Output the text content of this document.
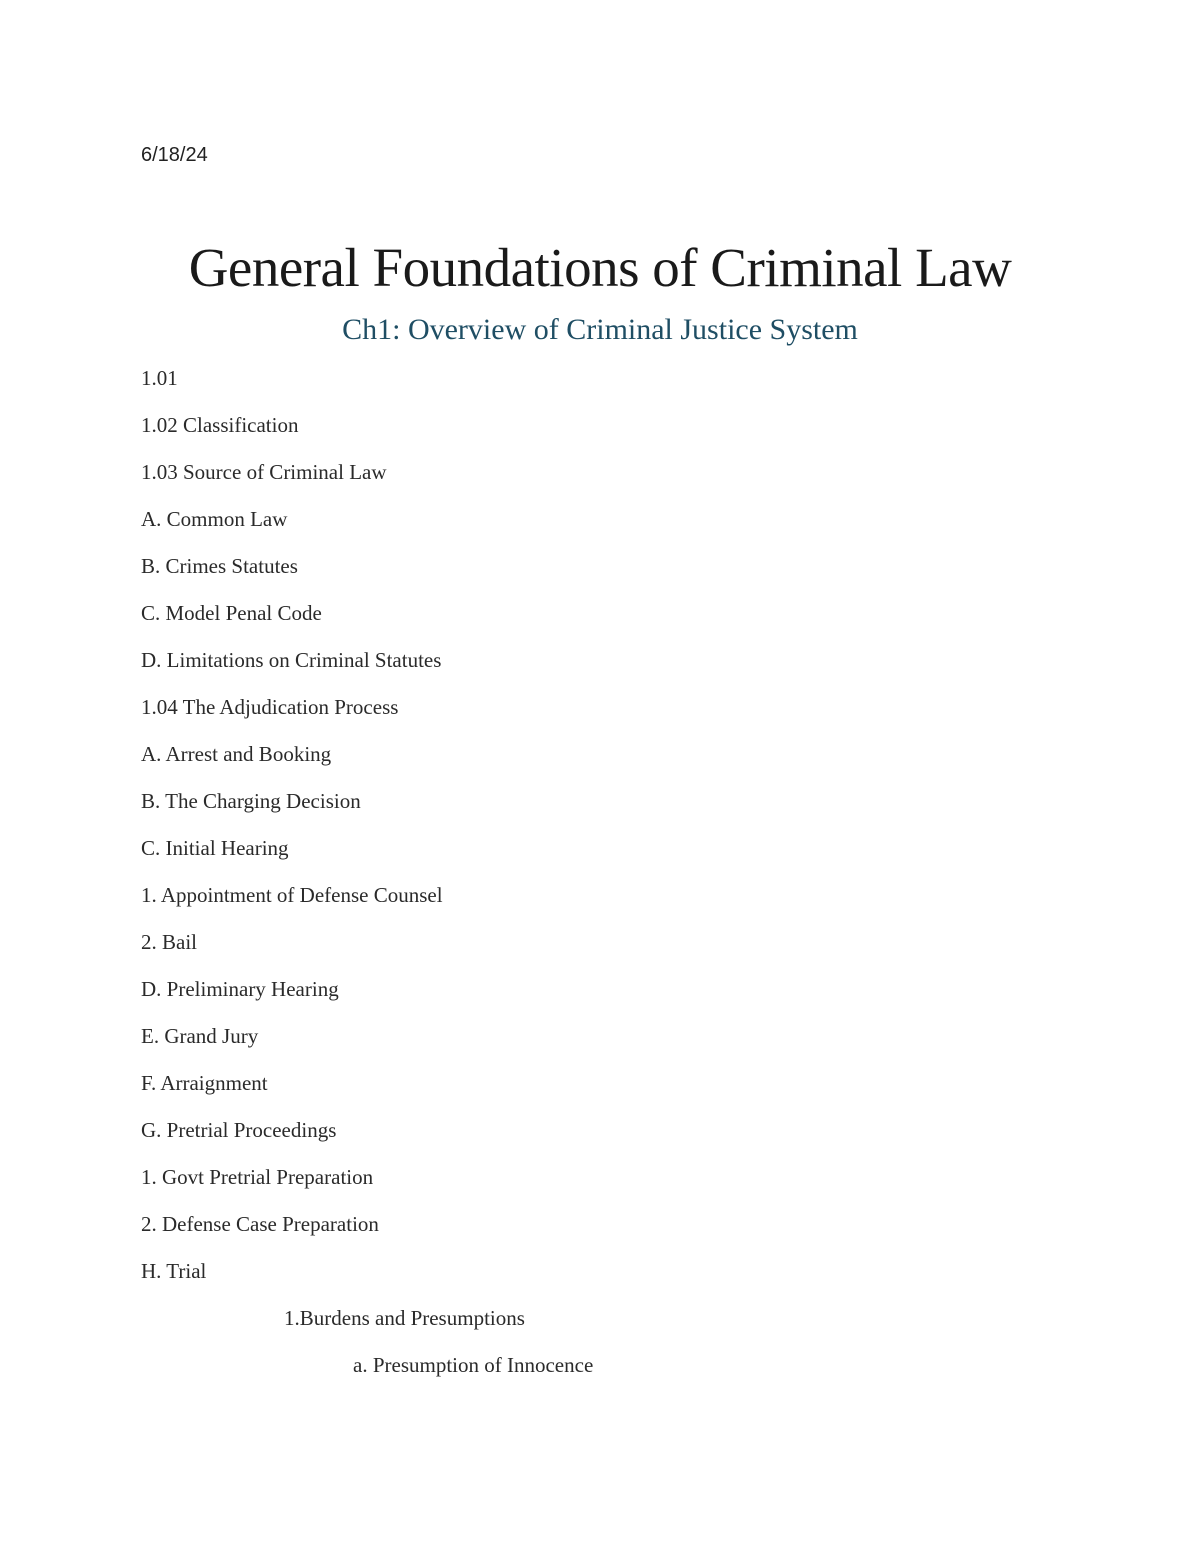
6/18/24
General Foundations of Criminal Law
Ch1: Overview of Criminal Justice System
1.01
1.02 Classification
1.03 Source of Criminal Law
A. Common Law
B. Crimes Statutes
C. Model Penal Code
D. Limitations on Criminal Statutes
1.04 The Adjudication Process
A. Arrest and Booking
B. The Charging Decision
C. Initial Hearing
1. Appointment of Defense Counsel
2. Bail
D. Preliminary Hearing
E. Grand Jury
F. Arraignment
G. Pretrial Proceedings
1. Govt Pretrial Preparation
2. Defense Case Preparation
H. Trial
1.Burdens and Presumptions
a. Presumption of Innocence
